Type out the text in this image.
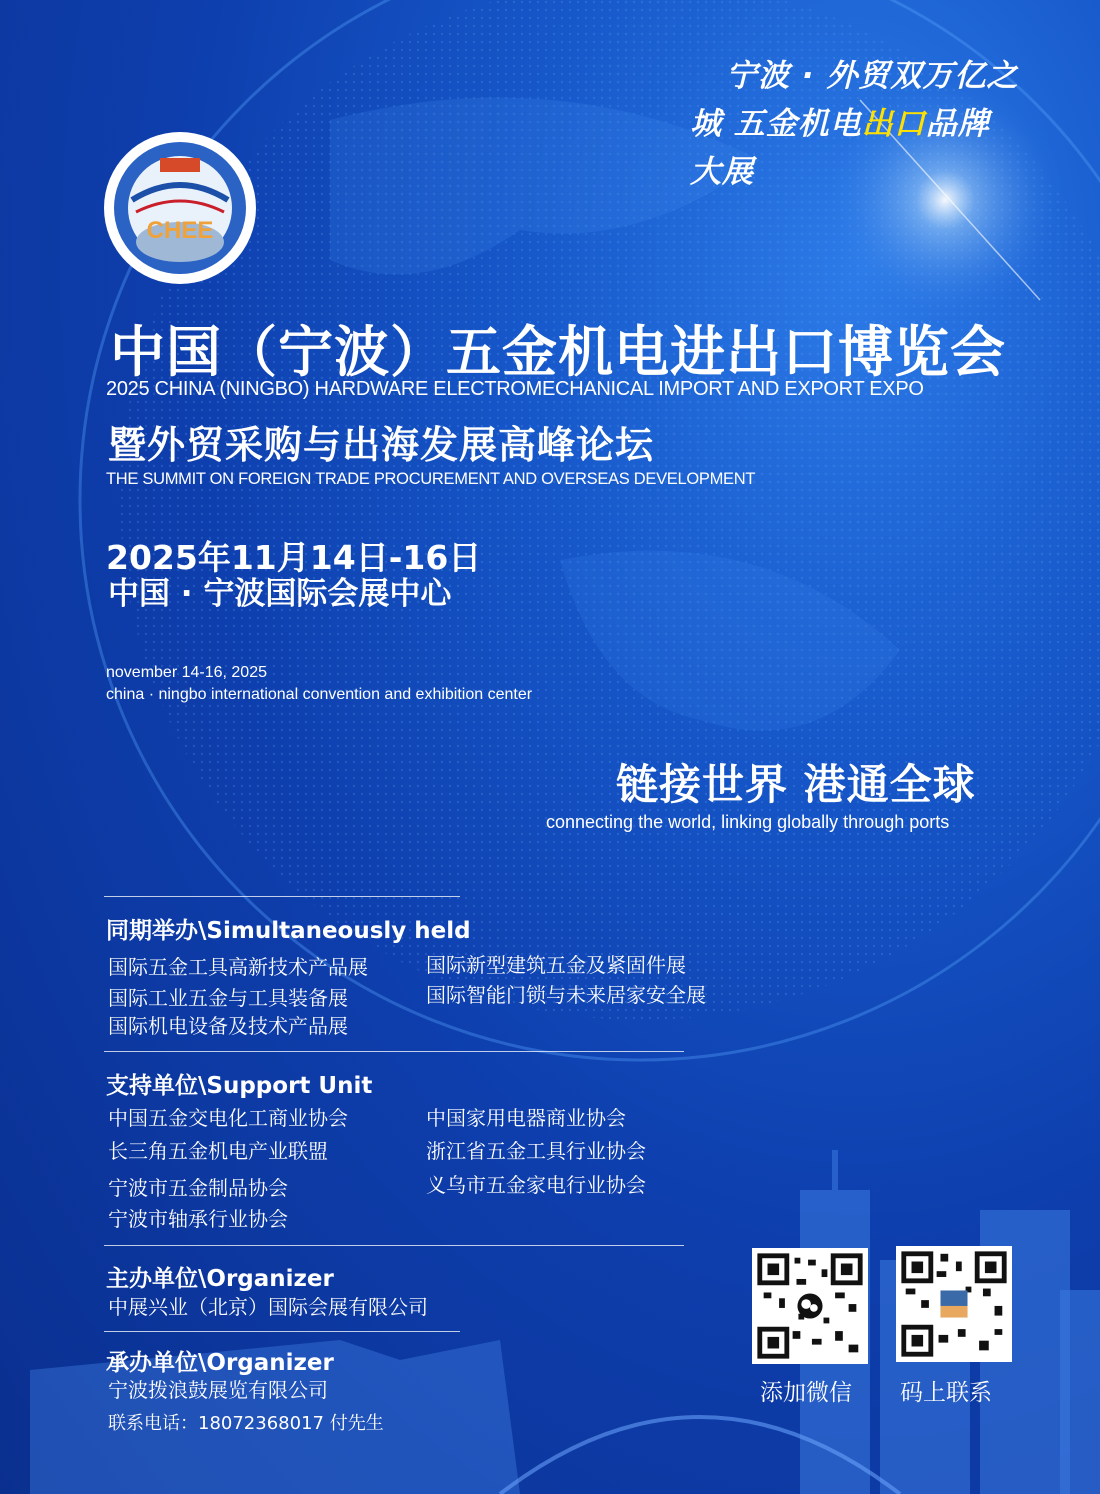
宁波 · 外贸双万亿之
城 五金机电出口品牌
大展
CHEE
中国（宁波）五金机电进出口博览会
2025 CHINA (NINGBO) HARDWARE ELECTROMECHANICAL IMPORT AND EXPORT EXPO
暨外贸采购与出海发展高峰论坛
THE SUMMIT ON FOREIGN TRADE PROCUREMENT AND OVERSEAS DEVELOPMENT
2025年11月14日-16日
中国 · 宁波国际会展中心
november 14-16, 2025
china · ningbo international convention and exhibition center
链接世界 港通全球
connecting the world, linking globally through ports
同期举办\Simultaneously held
国际五金工具高新技术产品展	国际新型建筑五金及紧固件展
国际工业五金与工具装备展	国际智能门锁与未来居家安全展
国际机电设备及技术产品展
支持单位\Support Unit
中国五金交电化工商业协会	中国家用电器商业协会
长三角五金机电产业联盟	浙江省五金工具行业协会
宁波市五金制品协会	义乌市五金家电行业协会
宁波市轴承行业协会
主办单位\Organizer
中展兴业（北京）国际会展有限公司
承办单位\Organizer
宁波拨浪鼓展览有限公司
联系电话：18072368017 付先生
添加微信 码上联系
